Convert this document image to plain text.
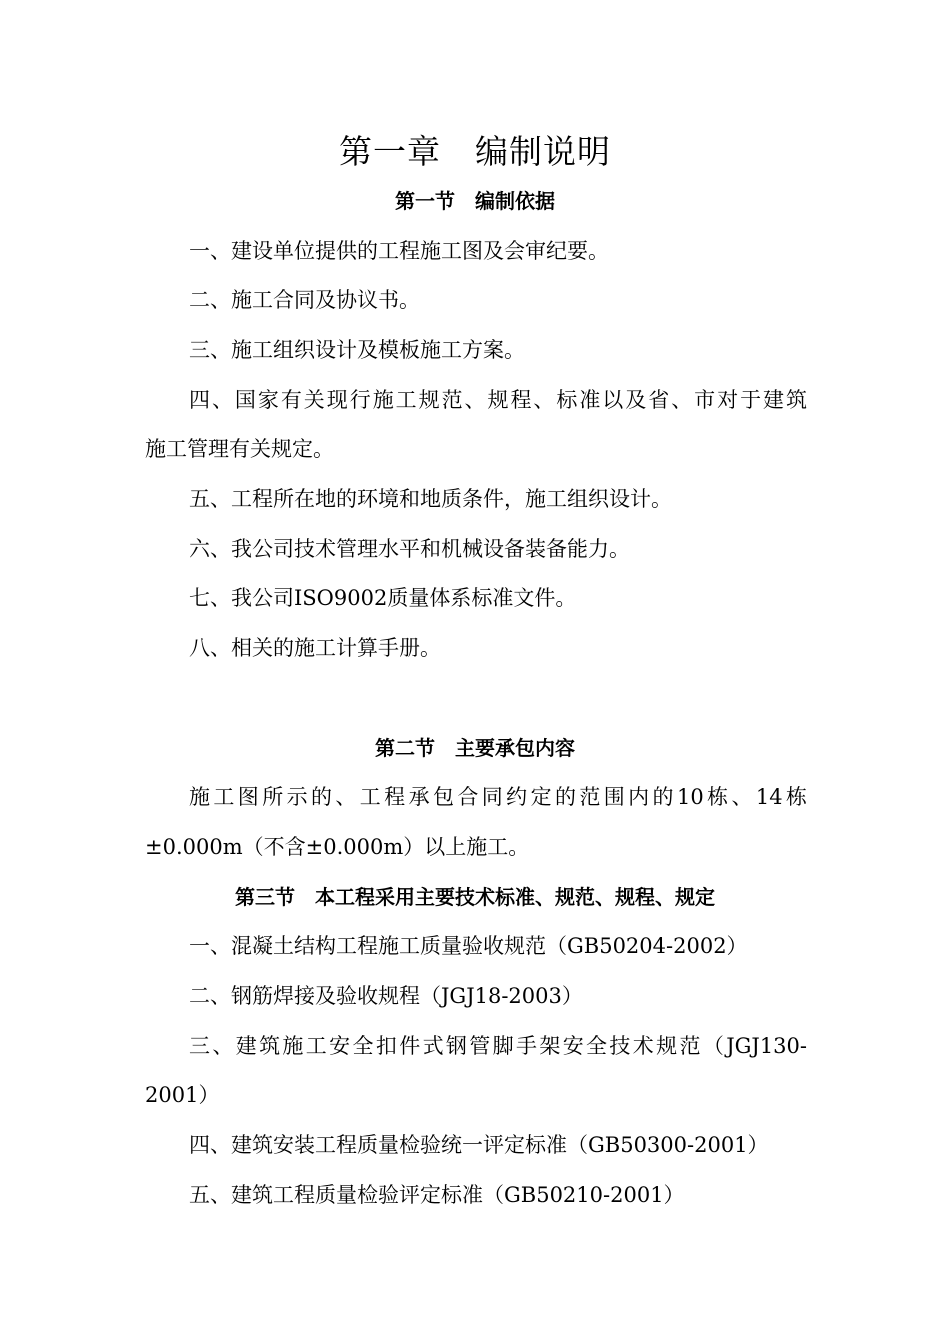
第一章　编制说明
第一节　编制依据
一、建设单位提供的工程施工图及会审纪要。
二、施工合同及协议书。
三、施工组织设计及模板施工方案。
四、国家有关现行施工规范、规程、标准以及省、市对于建筑
施工管理有关规定。
五、工程所在地的环境和地质条件，施工组织设计。
六、我公司技术管理水平和机械设备装备能力。
七、我公司ISO9002质量体系标准文件。
八、相关的施工计算手册。
第二节　主要承包内容
施工图所示的、工程承包合同约定的范围内的10栋、14栋
±0.000m（不含±0.000m）以上施工。
第三节　本工程采用主要技术标准、规范、规程、规定
一、混凝土结构工程施工质量验收规范（GB50204-2002）
二、钢筋焊接及验收规程（JGJ18-2003）
三、建筑施工安全扣件式钢管脚手架安全技术规范（JGJ130-
2001）
四、建筑安装工程质量检验统一评定标准（GB50300-2001）
五、建筑工程质量检验评定标准（GB50210-2001）
